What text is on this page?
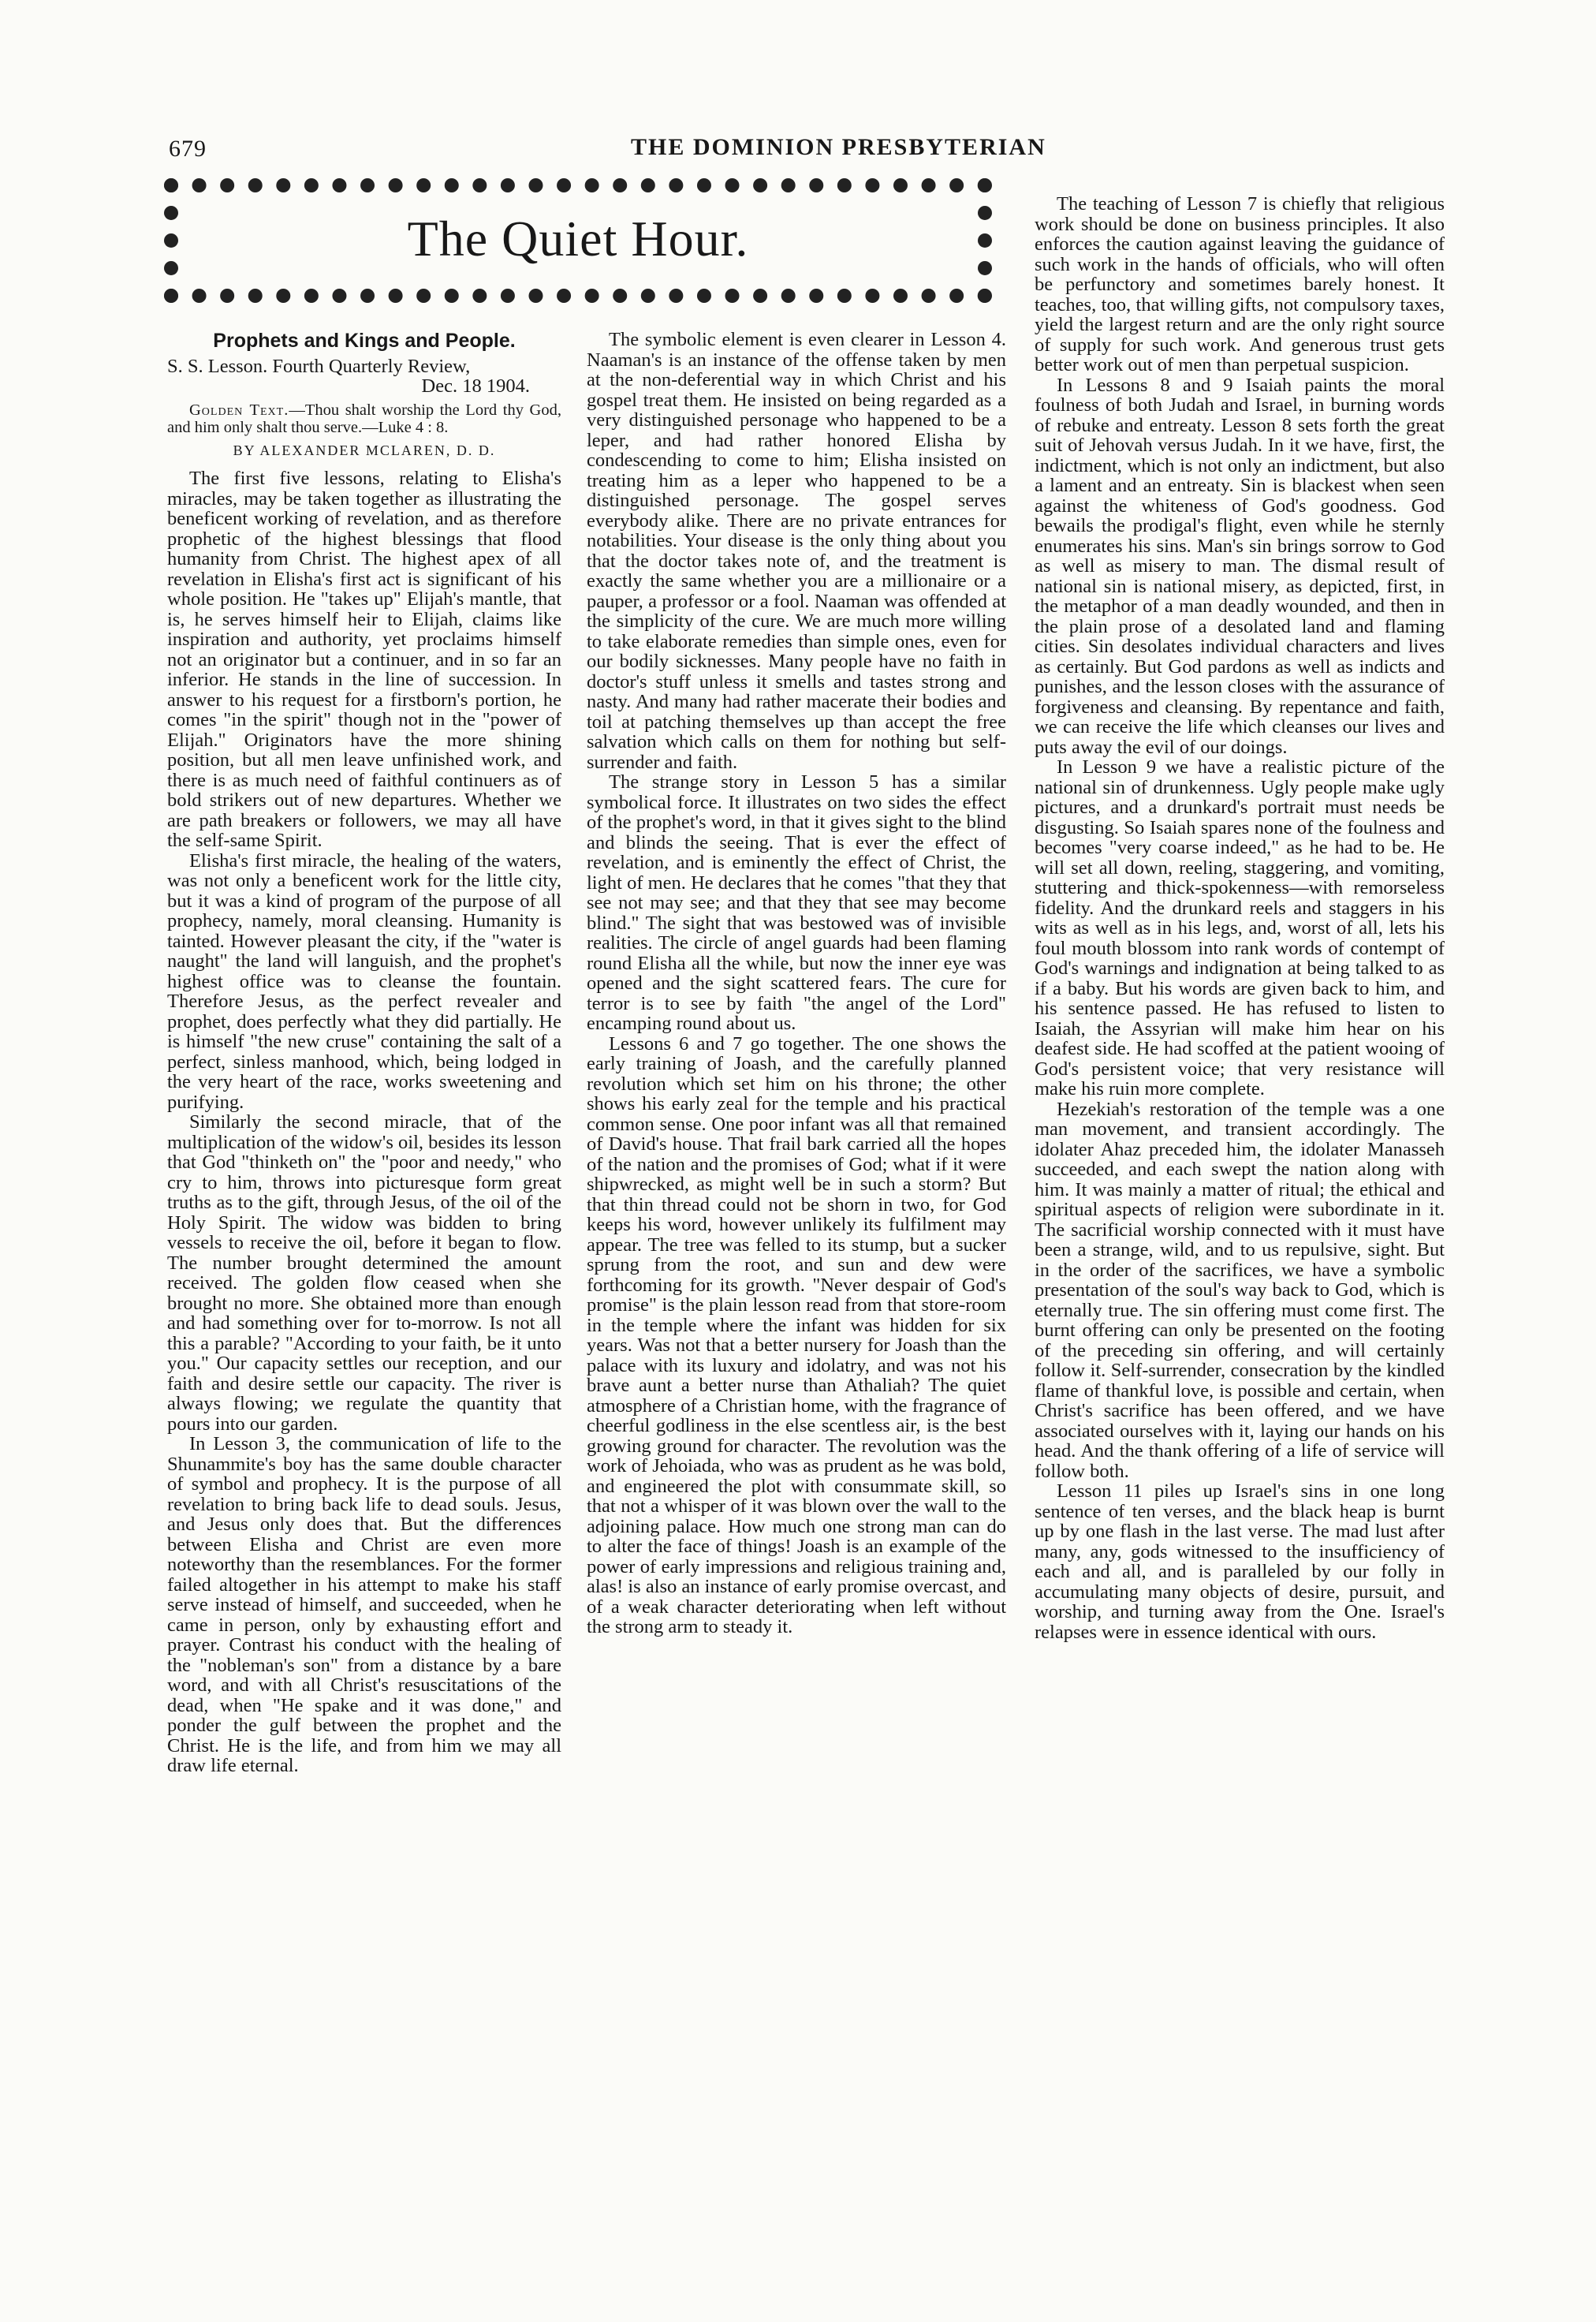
679	THE DOMINION PRESBYTERIAN
The Quiet Hour.
Prophets and Kings and People.

S. S. Lesson. Fourth Quarterly Review,

Dec. 18 1904.

Golden Text.—Thou shalt worship the Lord thy God, and him only shalt thou serve.—Luke 4 : 8.

BY ALEXANDER MCLAREN, D. D.

The first five lessons, relating to Elisha's miracles, may be taken together as illustrating the beneficent working of revelation, and as therefore prophetic of the highest blessings that flood humanity from Christ. The highest apex of all revelation in Elisha's first act is significant of his whole position. He "takes up" Elijah's mantle, that is, he serves himself heir to Elijah, claims like inspiration and authority, yet proclaims himself not an originator but a continuer, and in so far an inferior. He stands in the line of succession. In answer to his request for a firstborn's portion, he comes "in the spirit" though not in the "power of Elijah." Originators have the more shining position, but all men leave unfinished work, and there is as much need of faithful continuers as of bold strikers out of new departures. Whether we are path breakers or followers, we may all have the self-same Spirit.

Elisha's first miracle, the healing of the waters, was not only a beneficent work for the little city, but it was a kind of program of the purpose of all prophecy, namely, moral cleansing. Humanity is tainted. However pleasant the city, if the "water is naught" the land will languish, and the prophet's highest office was to cleanse the fountain. Therefore Jesus, as the perfect revealer and prophet, does perfectly what they did partially. He is himself "the new cruse" containing the salt of a perfect, sinless manhood, which, being lodged in the very heart of the race, works sweetening and purifying.

Similarly the second miracle, that of the multiplication of the widow's oil, besides its lesson that God "thinketh on" the "poor and needy," who cry to him, throws into picturesque form great truths as to the gift, through Jesus, of the oil of the Holy Spirit. The widow was bidden to bring vessels to receive the oil, before it began to flow. The number brought determined the amount received. The golden flow ceased when she brought no more. She obtained more than enough and had something over for to-morrow. Is not all this a parable? "According to your faith, be it unto you." Our capacity settles our reception, and our faith and desire settle our capacity. The river is always flowing; we regulate the quantity that pours into our garden.

In Lesson 3, the communication of life to the Shunammite's boy has the same double character of symbol and prophecy. It is the purpose of all revelation to bring back life to dead souls. Jesus, and Jesus only does that. But the differences between Elisha and Christ are even more noteworthy than the resemblances. For the former failed altogether in his attempt to make his staff serve instead of himself, and succeeded, when he came in person, only by exhausting effort and prayer. Contrast his conduct with the healing of the "nobleman's son" from a distance by a bare word, and with all Christ's resuscitations of the dead, when "He spake and it was done," and ponder the gulf between the prophet and the Christ. He is the life, and from him we may all draw life eternal.

The symbolic element is even clearer in Lesson 4. Naaman's is an instance of the offense taken by men at the non-deferential way in which Christ and his gospel treat them. He insisted on being regarded as a very distinguished personage who happened to be a leper, and had rather honored Elisha by condescending to come to him; Elisha insisted on treating him as a leper who happened to be a distinguished personage. The gospel serves everybody alike. There are no private entrances for notabilities. Your disease is the only thing about you that the doctor takes note of, and the treatment is exactly the same whether you are a millionaire or a pauper, a professor or a fool. Naaman was offended at the simplicity of the cure. We are much more willing to take elaborate remedies than simple ones, even for our bodily sicknesses. Many people have no faith in doctor's stuff unless it smells and tastes strong and nasty. And many had rather macerate their bodies and toil at patching themselves up than accept the free salvation which calls on them for nothing but self-surrender and faith.

The strange story in Lesson 5 has a similar symbolical force. It illustrates on two sides the effect of the prophet's word, in that it gives sight to the blind and blinds the seeing. That is ever the effect of revelation, and is eminently the effect of Christ, the light of men. He declares that he comes "that they that see not may see; and that they that see may become blind." The sight that was bestowed was of invisible realities. The circle of angel guards had been flaming round Elisha all the while, but now the inner eye was opened and the sight scattered fears. The cure for terror is to see by faith "the angel of the Lord" encamping round about us.

Lessons 6 and 7 go together. The one shows the early training of Joash, and the carefully planned revolution which set him on his throne; the other shows his early zeal for the temple and his practical common sense. One poor infant was all that remained of David's house. That frail bark carried all the hopes of the nation and the promises of God; what if it were shipwrecked, as might well be in such a storm? But that thin thread could not be shorn in two, for God keeps his word, however unlikely its fulfilment may appear. The tree was felled to its stump, but a sucker sprung from the root, and sun and dew were forthcoming for its growth. "Never despair of God's promise" is the plain lesson read from that store-room in the temple where the infant was hidden for six years. Was not that a better nursery for Joash than the palace with its luxury and idolatry, and was not his brave aunt a better nurse than Athaliah? The quiet atmosphere of a Christian home, with the fragrance of cheerful godliness in the else scentless air, is the best growing ground for character. The revolution was the work of Jehoiada, who was as prudent as he was bold, and engineered the plot with consummate skill, so that not a whisper of it was blown over the wall to the adjoining palace. How much one strong man can do to alter the face of things! Joash is an example of the power of early impressions and religious training and, alas! is also an instance of early promise overcast, and of a weak character deteriorating when left without the strong arm to steady it.

The teaching of Lesson 7 is chiefly that religious work should be done on business principles. It also enforces the caution against leaving the guidance of such work in the hands of officials, who will often be perfunctory and sometimes barely honest. It teaches, too, that willing gifts, not compulsory taxes, yield the largest return and are the only right source of supply for such work. And generous trust gets better work out of men than perpetual suspicion.

In Lessons 8 and 9 Isaiah paints the moral foulness of both Judah and Israel, in burning words of rebuke and entreaty. Lesson 8 sets forth the great suit of Jehovah versus Judah. In it we have, first, the indictment, which is not only an indictment, but also a lament and an entreaty. Sin is blackest when seen against the whiteness of God's goodness. God bewails the prodigal's flight, even while he sternly enumerates his sins. Man's sin brings sorrow to God as well as misery to man. The dismal result of national sin is national misery, as depicted, first, in the metaphor of a man deadly wounded, and then in the plain prose of a desolated land and flaming cities. Sin desolates individual characters and lives as certainly. But God pardons as well as indicts and punishes, and the lesson closes with the assurance of forgiveness and cleansing. By repentance and faith, we can receive the life which cleanses our lives and puts away the evil of our doings.

In Lesson 9 we have a realistic picture of the national sin of drunkenness. Ugly people make ugly pictures, and a drunkard's portrait must needs be disgusting. So Isaiah spares none of the foulness and becomes "very coarse indeed," as he had to be. He will set all down, reeling, staggering, and vomiting, stuttering and thick-spokenness—with remorseless fidelity. And the drunkard reels and staggers in his wits as well as in his legs, and, worst of all, lets his foul mouth blossom into rank words of contempt of God's warnings and indignation at being talked to as if a baby. But his words are given back to him, and his sentence passed. He has refused to listen to Isaiah, the Assyrian will make him hear on his deafest side. He had scoffed at the patient wooing of God's persistent voice; that very resistance will make his ruin more complete.

Hezekiah's restoration of the temple was a one man movement, and transient accordingly. The idolater Ahaz preceded him, the idolater Manasseh succeeded, and each swept the nation along with him. It was mainly a matter of ritual; the ethical and spiritual aspects of religion were subordinate in it. The sacrificial worship connected with it must have been a strange, wild, and to us repulsive, sight. But in the order of the sacrifices, we have a symbolic presentation of the soul's way back to God, which is eternally true. The sin offering must come first. The burnt offering can only be presented on the footing of the preceding sin offering, and will certainly follow it. Self-surrender, consecration by the kindled flame of thankful love, is possible and certain, when Christ's sacrifice has been offered, and we have associated ourselves with it, laying our hands on his head. And the thank offering of a life of service will follow both.

Lesson 11 piles up Israel's sins in one long sentence of ten verses, and the black heap is burnt up by one flash in the last verse. The mad lust after many, any, gods witnessed to the insufficiency of each and all, and is paralleled by our folly in accumulating many objects of desire, pursuit, and worship, and turning away from the One. Israel's relapses were in essence identical with ours.
